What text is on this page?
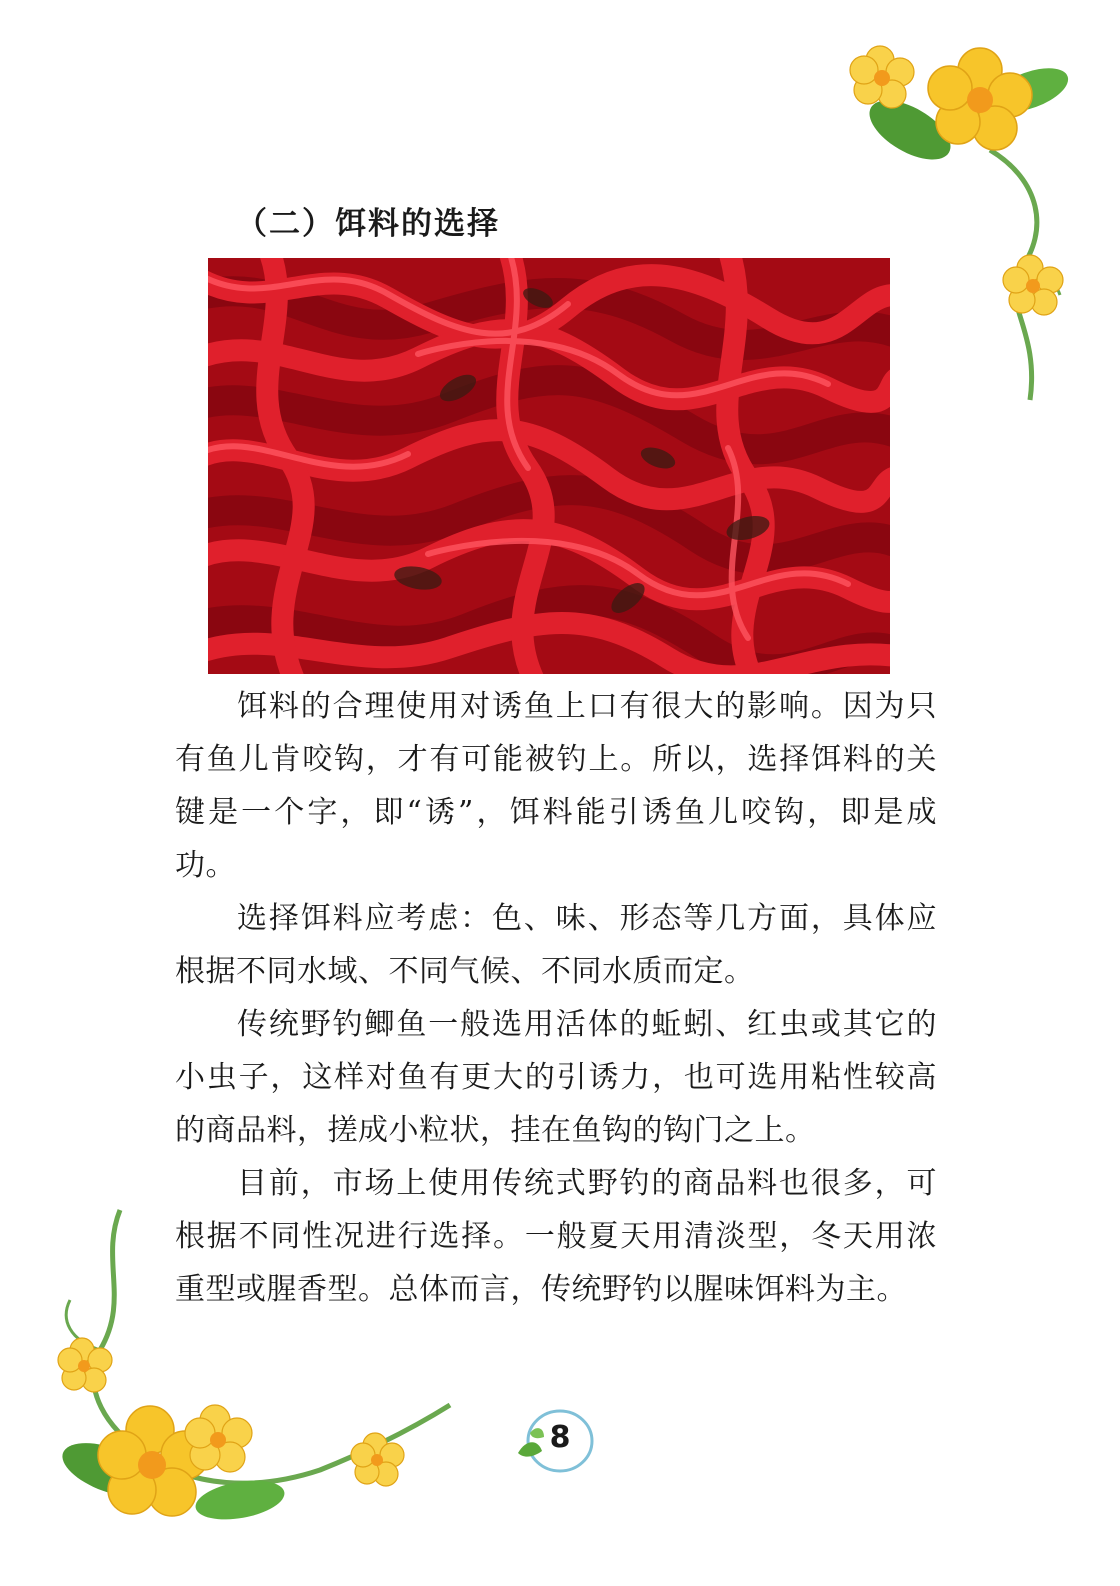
（二）饵料的选择

饵料的合理使用对诱鱼上口有很大的影响。因为只有鱼儿肯咬钩，才有可能被钓上。所以，选择饵料的关键是一个字，即“诱”，饵料能引诱鱼儿咬钩，即是成功。

选择饵料应考虑：色、味、形态等几方面，具体应根据不同水域、不同气候、不同水质而定。

传统野钓鲫鱼一般选用活体的蚯蚓、红虫或其它的小虫子，这样对鱼有更大的引诱力，也可选用粘性较高的商品料，搓成小粒状，挂在鱼钩的钩门之上。

目前，市场上使用传统式野钓的商品料也很多，可根据不同性况进行选择。一般夏天用清淡型，冬天用浓重型或腥香型。总体而言，传统野钓以腥味饵料为主。

8
